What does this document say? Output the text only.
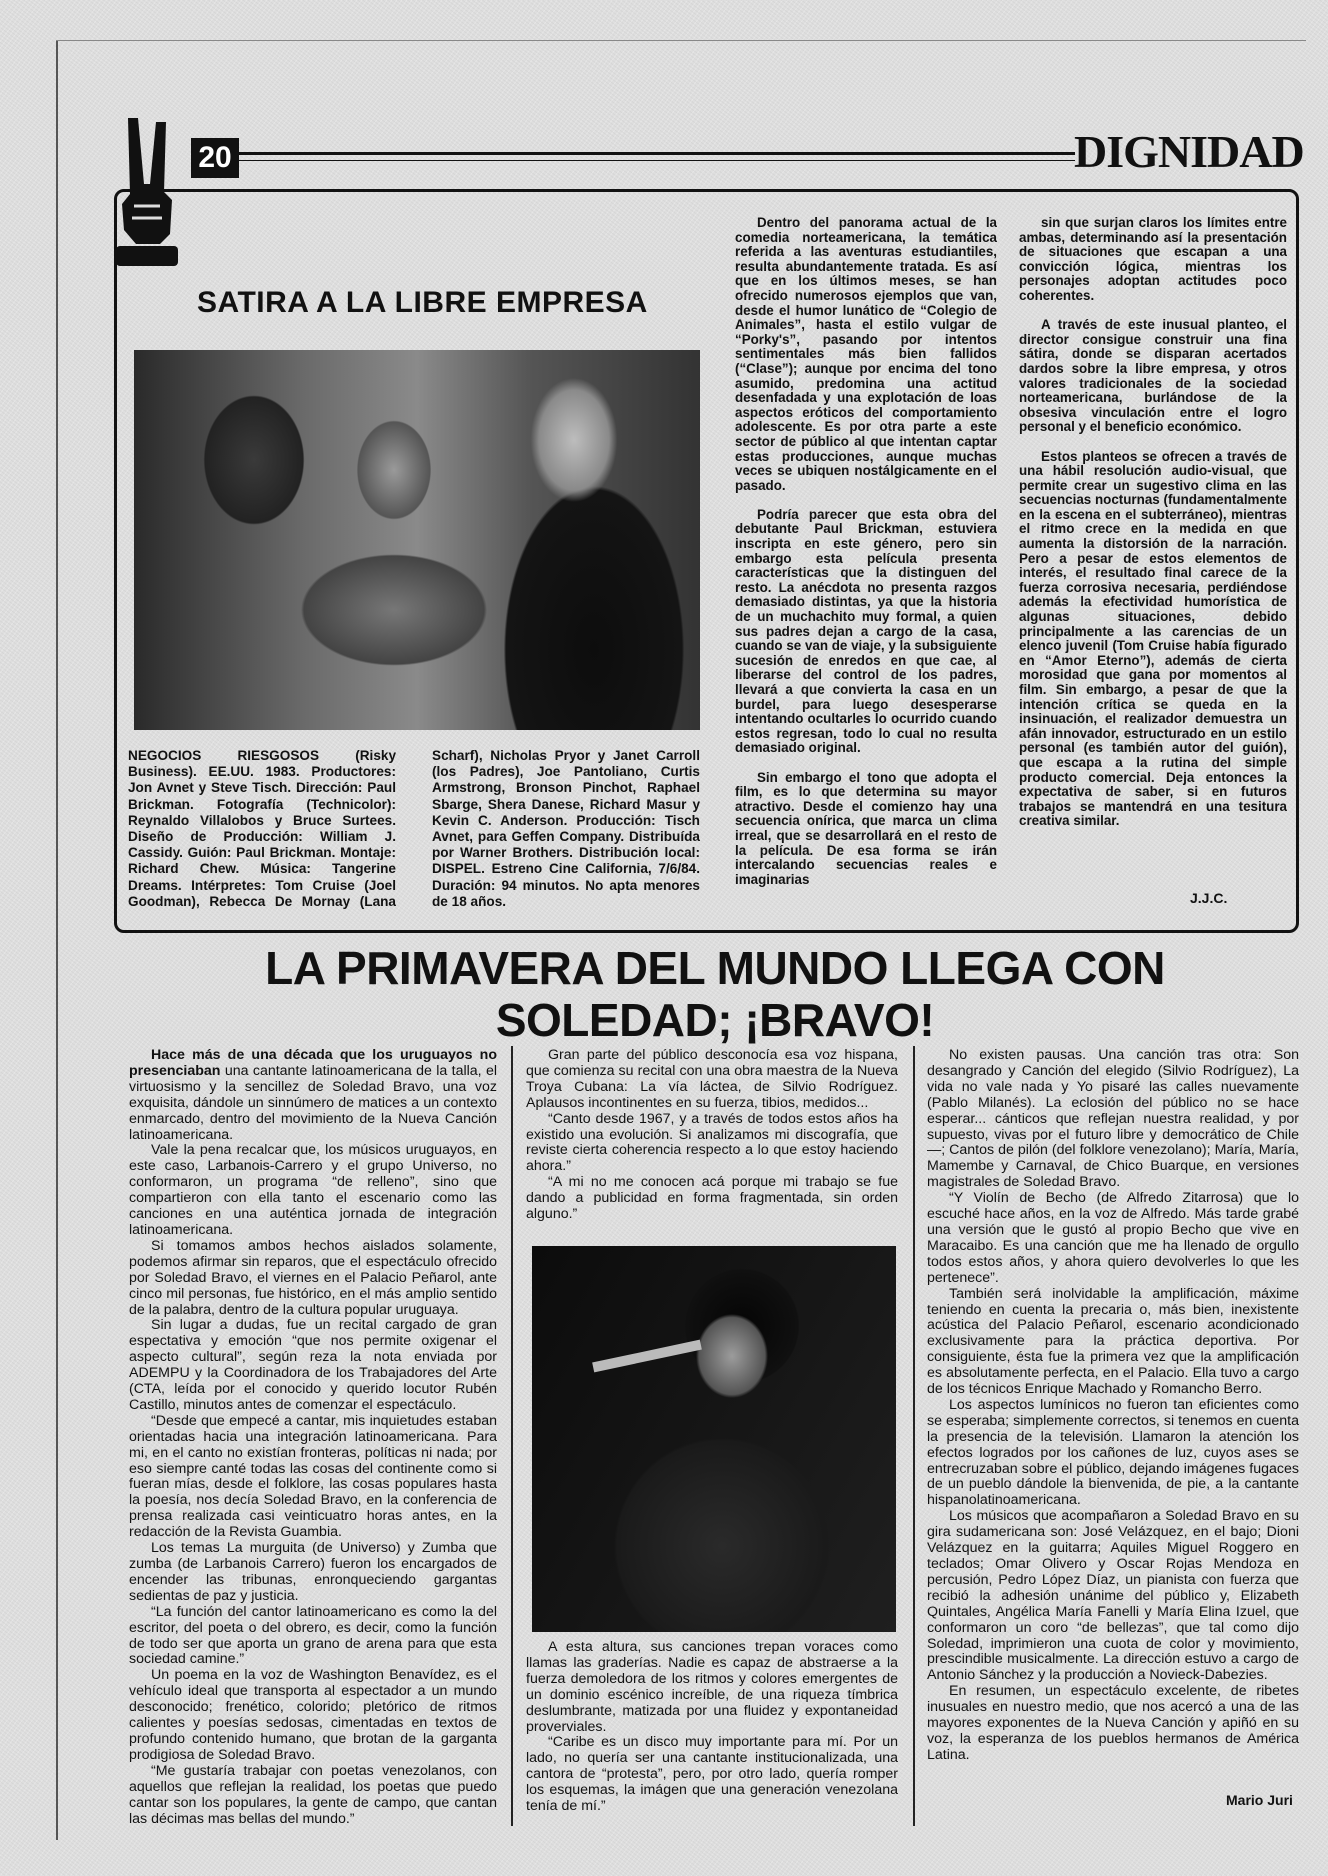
20	DIGNIDAD
SATIRA A LA LIBRE EMPRESA
NEGOCIOS RIESGOSOS (Risky Business). EE.UU. 1983. Productores: Jon Avnet y Steve Tisch. Dirección: Paul Brickman. Fotografía (Technicolor): Reynaldo Villalobos y Bruce Surtees. Diseño de Producción: William J. Cassidy. Guión: Paul Brickman. Montaje: Richard Chew. Música: Tangerine Dreams. Intérpretes: Tom Cruise (Joel Goodman), Rebecca De Mornay (Lana Scharf), Nicholas Pryor y Janet Carroll (los Padres), Joe Pantoliano, Curtis Armstrong, Bronson Pinchot, Raphael Sbarge, Shera Danese, Richard Masur y Kevin C. Anderson. Producción: Tisch Avnet, para Geffen Company. Distribuída por Warner Brothers. Distribución local: DISPEL. Estreno Cine California, 7/6/84. Duración: 94 minutos. No apta menores de 18 años.

Dentro del panorama actual de la comedia norteamericana, la temática referida a las aventuras estudiantiles, resulta abundantemente tratada. Es así que en los últimos meses, se han ofrecido numerosos ejemplos que van, desde el humor lunático de “Colegio de Animales”, hasta el estilo vulgar de “Porky's”, pasando por intentos sentimentales más bien fallidos (“Clase”); aunque por encima del tono asumido, predomina una actitud desenfadada y una explotación de loas aspectos eróticos del comportamiento adolescente. Es por otra parte a este sector de público al que intentan captar estas producciones, aunque muchas veces se ubiquen nostálgicamente en el pasado.

Podría parecer que esta obra del debutante Paul Brickman, estuviera inscripta en este género, pero sin embargo esta película presenta características que la distinguen del resto. La anécdota no presenta razgos demasiado distintas, ya que la historia de un muchachito muy formal, a quien sus padres dejan a cargo de la casa, cuando se van de viaje, y la subsiguiente sucesión de enredos en que cae, al liberarse del control de los padres, llevará a que convierta la casa en un burdel, para luego desesperarse intentando ocultarles lo ocurrido cuando estos regresan, todo lo cual no resulta demasiado original.

Sin embargo el tono que adopta el film, es lo que determina su mayor atractivo. Desde el comienzo hay una secuencia onírica, que marca un clima irreal, que se desarrollará en el resto de la película. De esa forma se irán intercalando secuencias reales e imaginarias

sin que surjan claros los límites entre ambas, determinando así la presentación de situaciones que escapan a una convicción lógica, mientras los personajes adoptan actitudes poco coherentes.

A través de este inusual planteo, el director consigue construir una fina sátira, donde se disparan acertados dardos sobre la libre empresa, y otros valores tradicionales de la sociedad norteamericana, burlándose de la obsesiva vinculación entre el logro personal y el beneficio económico.

Estos planteos se ofrecen a través de una hábil resolución audio-visual, que permite crear un sugestivo clima en las secuencias nocturnas (fundamentalmente en la escena en el subterráneo), mientras el ritmo crece en la medida en que aumenta la distorsión de la narración. Pero a pesar de estos elementos de interés, el resultado final carece de la fuerza corrosiva necesaria, perdiéndose además la efectividad humorística de algunas situaciones, debido principalmente a las carencias de un elenco juvenil (Tom Cruise había figurado en “Amor Eterno”), además de cierta morosidad que gana por momentos al film. Sin embargo, a pesar de que la intención crítica se queda en la insinuación, el realizador demuestra un afán innovador, estructurado en un estilo personal (es también autor del guión), que escapa a la rutina del simple producto comercial. Deja entonces la expectativa de saber, si en futuros trabajos se mantendrá en una tesitura creativa similar.

J.J.C.
LA PRIMAVERA DEL MUNDO LLEGA CON
SOLEDAD; ¡BRAVO!

Hace más de una década que los uruguayos no presenciaban una cantante latinoamericana de la talla, el virtuosismo y la sencillez de Soledad Bravo, una voz exquisita, dándole un sinnúmero de matices a un contexto enmarcado, dentro del movimiento de la Nueva Canción latinoamericana.

Vale la pena recalcar que, los músicos uruguayos, en este caso, Larbanois-Carrero y el grupo Universo, no conformaron, un programa “de relleno”, sino que compartieron con ella tanto el escenario como las canciones en una auténtica jornada de integración latinoamericana.

Si tomamos ambos hechos aislados solamente, podemos afirmar sin reparos, que el espectáculo ofrecido por Soledad Bravo, el viernes en el Palacio Peñarol, ante cinco mil personas, fue histórico, en el más amplio sentido de la palabra, dentro de la cultura popular uruguaya.

Sin lugar a dudas, fue un recital cargado de gran espectativa y emoción “que nos permite oxigenar el aspecto cultural”, según reza la nota enviada por ADEMPU y la Coordinadora de los Trabajadores del Arte (CTA, leída por el conocido y querido locutor Rubén Castillo, minutos antes de comenzar el espectáculo.

“Desde que empecé a cantar, mis inquietudes estaban orientadas hacia una integración latinoamericana. Para mi, en el canto no existían fronteras, políticas ni nada; por eso siempre canté todas las cosas del continente como si fueran mías, desde el folklore, las cosas populares hasta la poesía, nos decía Soledad Bravo, en la conferencia de prensa realizada casi veinticuatro horas antes, en la redacción de la Revista Guambia.

Los temas La murguita (de Universo) y Zumba que zumba (de Larbanois Carrero) fueron los encargados de encender las tribunas, enronqueciendo gargantas sedientas de paz y justicia.

“La función del cantor latinoamericano es como la del escritor, del poeta o del obrero, es decir, como la función de todo ser que aporta un grano de arena para que esta sociedad camine.”

Un poema en la voz de Washington Benavídez, es el vehículo ideal que transporta al espectador a un mundo desconocido; frenético, colorido; pletórico de ritmos calientes y poesías sedosas, cimentadas en textos de profundo contenido humano, que brotan de la garganta prodigiosa de Soledad Bravo.

“Me gustaría trabajar con poetas venezolanos, con aquellos que reflejan la realidad, los poetas que puedo cantar son los populares, la gente de campo, que cantan las décimas mas bellas del mundo.”

Gran parte del público desconocía esa voz hispana, que comienza su recital con una obra maestra de la Nueva Troya Cubana: La vía láctea, de Silvio Rodríguez. Aplausos incontinentes en su fuerza, tibios, medidos...

“Canto desde 1967, y a través de todos estos años ha existido una evolución. Si analizamos mi discografía, que reviste cierta coherencia respecto a lo que estoy haciendo ahora.”

“A mi no me conocen acá porque mi trabajo se fue dando a publicidad en forma fragmentada, sin orden alguno.”

A esta altura, sus canciones trepan voraces como llamas las graderías. Nadie es capaz de abstraerse a la fuerza demoledora de los ritmos y colores emergentes de un dominio escénico increíble, de una riqueza tímbrica deslumbrante, matizada por una fluidez y expontaneidad proverviales.

“Caribe es un disco muy importante para mí. Por un lado, no quería ser una cantante institucionalizada, una cantora de “protesta”, pero, por otro lado, quería romper los esquemas, la imágen que una generación venezolana tenía de mí.”

No existen pausas. Una canción tras otra: Son desangrado y Canción del elegido (Silvio Rodríguez), La vida no vale nada y Yo pisaré las calles nuevamente (Pablo Milanés). La eclosión del público no se hace esperar... cánticos que reflejan nuestra realidad, y por supuesto, vivas por el futuro libre y democrático de Chile—; Cantos de pilón (del folklore venezolano); María, María, Mamembe y Carnaval, de Chico Buarque, en versiones magistrales de Soledad Bravo.

“Y Violín de Becho (de Alfredo Zitarrosa) que lo escuché hace años, en la voz de Alfredo. Más tarde grabé una versión que le gustó al propio Becho que vive en Maracaibo. Es una canción que me ha llenado de orgullo todos estos años, y ahora quiero devolverles lo que les pertenece”.

También será inolvidable la amplificación, máxime teniendo en cuenta la precaria o, más bien, inexistente acústica del Palacio Peñarol, escenario acondicionado exclusivamente para la práctica deportiva. Por consiguiente, ésta fue la primera vez que la amplificación es absolutamente perfecta, en el Palacio. Ella tuvo a cargo de los técnicos Enrique Machado y Romancho Berro.

Los aspectos lumínicos no fueron tan eficientes como se esperaba; simplemente correctos, si tenemos en cuenta la presencia de la televisión. Llamaron la atención los efectos logrados por los cañones de luz, cuyos ases se entrecruzaban sobre el público, dejando imágenes fugaces de un pueblo dándole la bienvenida, de pie, a la cantante hispanolatinoamericana.

Los músicos que acompañaron a Soledad Bravo en su gira sudamericana son: José Velázquez, en el bajo; Dioni Velázquez en la guitarra; Aquiles Miguel Roggero en teclados; Omar Olivero y Oscar Rojas Mendoza en percusión, Pedro López Díaz, un pianista con fuerza que recibió la adhesión unánime del público y, Elizabeth Quintales, Angélica María Fanelli y María Elina Izuel, que conformaron un coro “de bellezas”, que tal como dijo Soledad, imprimieron una cuota de color y movimiento, prescindible musicalmente. La dirección estuvo a cargo de Antonio Sánchez y la producción a Novieck-Dabezies.

En resumen, un espectáculo excelente, de ribetes inusuales en nuestro medio, que nos acercó a una de las mayores exponentes de la Nueva Canción y apiñó en su voz, la esperanza de los pueblos hermanos de América Latina.

Mario Juri
